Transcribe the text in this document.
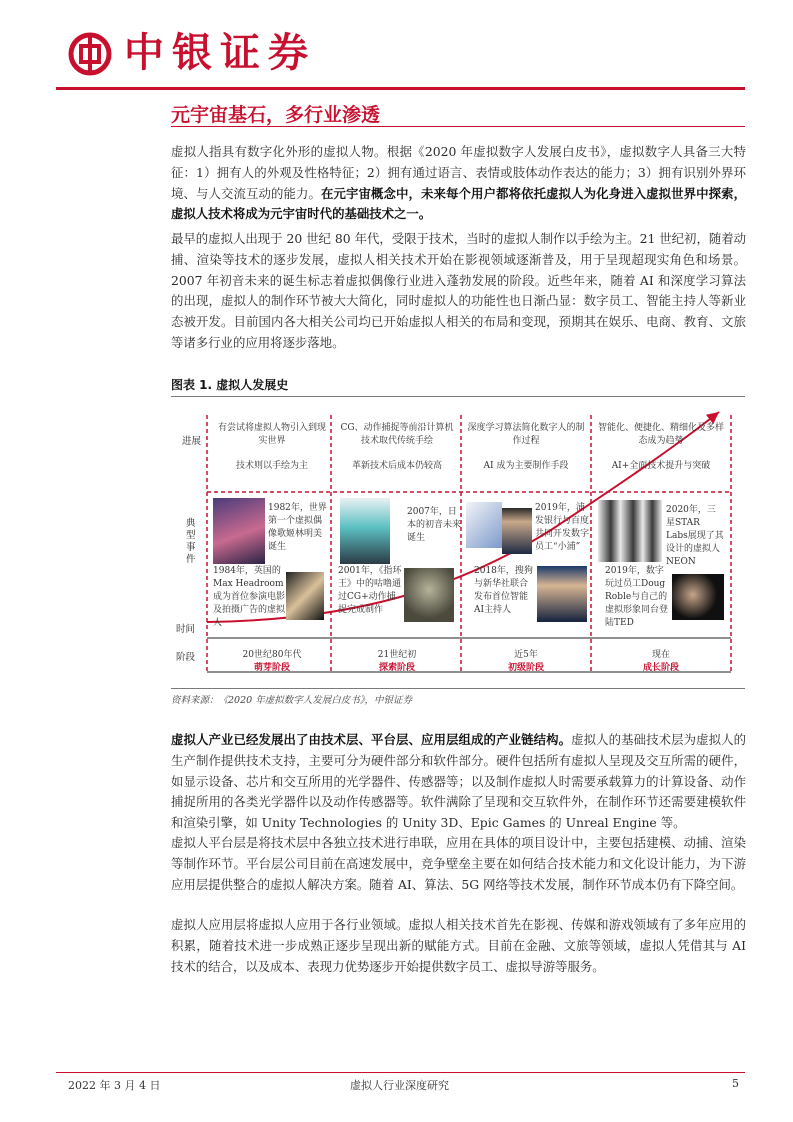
中银证券
元宇宙基石，多行业渗透
虚拟人指具有数字化外形的虚拟人物。根据《2020 年虚拟数字人发展白皮书》，虚拟数字人具备三大特征：1）拥有人的外观及性格特征；2）拥有通过语言、表情或肢体动作表达的能力；3）拥有识别外界环境、与人交流互动的能力。在元宇宙概念中，未来每个用户都将依托虚拟人为化身进入虚拟世界中探索，虚拟人技术将成为元宇宙时代的基础技术之一。
最早的虚拟人出现于 20 世纪 80 年代，受限于技术，当时的虚拟人制作以手绘为主。21 世纪初，随着动捕、渲染等技术的逐步发展，虚拟人相关技术开始在影视领域逐渐普及，用于呈现超现实角色和场景。2007 年初音未来的诞生标志着虚拟偶像行业进入蓬勃发展的阶段。近些年来，随着 AI 和深度学习算法的出现，虚拟人的制作环节被大大简化，同时虚拟人的功能性也日渐凸显：数字员工、智能主持人等新业态被开发。目前国内各大相关公司均已开始虚拟人相关的布局和变现，预期其在娱乐、电商、教育、文旅等诸多行业的应用将逐步落地。
图表 1. 虚拟人发展史
进展
典型事件
时间
阶段
有尝试将虚拟人物引入到现实世界
技术则以手绘为主
1982年，世界第一个虚拟偶像歌姬林明美诞生
1984年，英国的Max Headroom成为首位参演电影及拍摄广告的虚拟人
20世纪80年代
萌芽阶段
CG、动作捕捉等前沿计算机技术取代传统手绘
革新技术后成本仍较高
2007年，日本的初音未来诞生
2001年，《指环王》中的咕噜通过CG+动作捕捉完成制作
21世纪初
探索阶段
深度学习算法简化数字人的制作过程
AI 成为主要制作手段
2019年，浦发银行与百度共同开发数字员工“小浦”
2018年，搜狗与新华社联合发布首位智能AI主持人
近5年
初级阶段
智能化、便捷化、精细化及多样态成为趋势
AI+全面技术提升与突破
2020年，三星STAR Labs展现了其设计的虚拟人NEON
2019年，数字玩过员工Doug Roble与自己的虚拟形象同台登陆TED
现在
成长阶段
资料来源：《2020 年虚拟数字人发展白皮书》，中银证券
虚拟人产业已经发展出了由技术层、平台层、应用层组成的产业链结构。虚拟人的基础技术层为虚拟人的生产制作提供技术支持，主要可分为硬件部分和软件部分。硬件包括所有虚拟人呈现及交互所需的硬件，如显示设备、芯片和交互所用的光学器件、传感器等；以及制作虚拟人时需要承载算力的计算设备、动作捕捉所用的各类光学器件以及动作传感器等。软件满除了呈现和交互软件外，在制作环节还需要建模软件和渲染引擎，如 Unity Technologies 的 Unity 3D、Epic Games 的 Unreal Engine 等。
虚拟人平台层是将技术层中各独立技术进行串联，应用在具体的项目设计中，主要包括建模、动捕、渲染等制作环节。平台层公司目前在高速发展中，竞争壁垒主要在如何结合技术能力和文化设计能力，为下游应用层提供整合的虚拟人解决方案。随着 AI、算法、5G 网络等技术发展，制作环节成本仍有下降空间。
虚拟人应用层将虚拟人应用于各行业领域。虚拟人相关技术首先在影视、传媒和游戏领域有了多年应用的积累，随着技术进一步成熟正逐步呈现出新的赋能方式。目前在金融、文旅等领域，虚拟人凭借其与 AI 技术的结合，以及成本、表现力优势逐步开始提供数字员工、虚拟导游等服务。
2022 年 3 月 4 日	虚拟人行业深度研究	5
